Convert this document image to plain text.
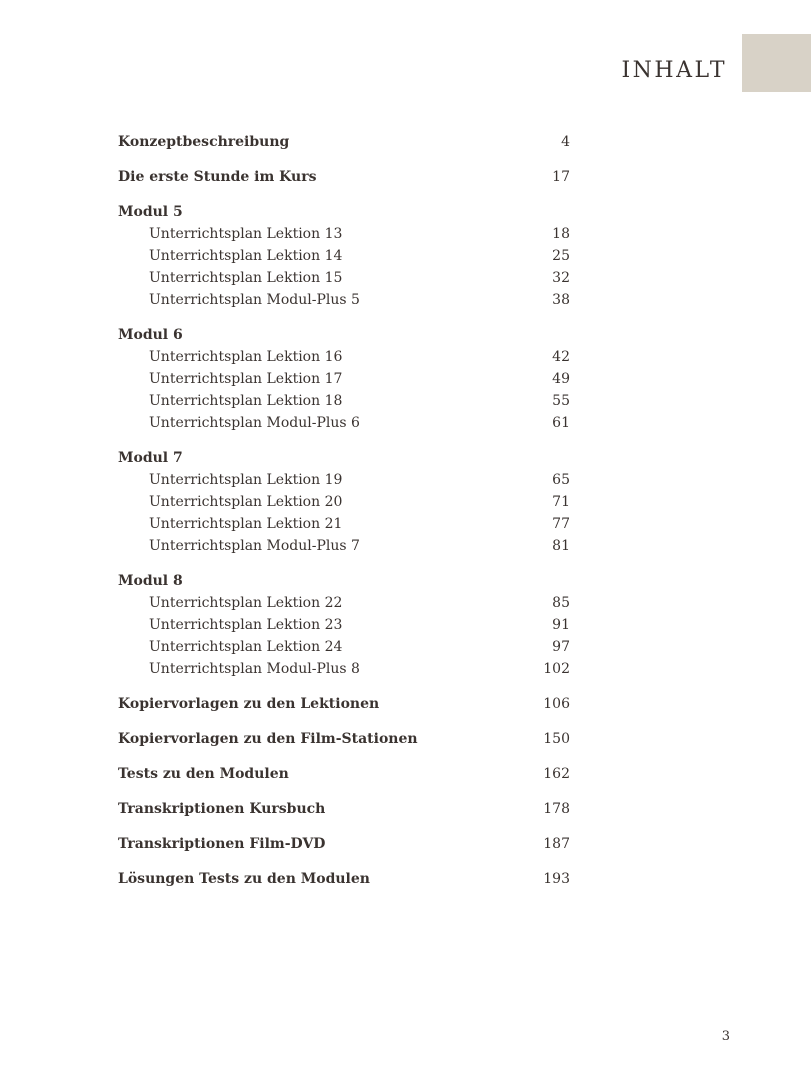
INHALT
Konzeptbeschreibung	4
Die erste Stunde im Kurs	17
Modul 5
Unterrichtsplan Lektion 13	18
Unterrichtsplan Lektion 14	25
Unterrichtsplan Lektion 15	32
Unterrichtsplan Modul-Plus 5	38
Modul 6
Unterrichtsplan Lektion 16	42
Unterrichtsplan Lektion 17	49
Unterrichtsplan Lektion 18	55
Unterrichtsplan Modul-Plus 6	61
Modul 7
Unterrichtsplan Lektion 19	65
Unterrichtsplan Lektion 20	71
Unterrichtsplan Lektion 21	77
Unterrichtsplan Modul-Plus 7	81
Modul 8
Unterrichtsplan Lektion 22	85
Unterrichtsplan Lektion 23	91
Unterrichtsplan Lektion 24	97
Unterrichtsplan Modul-Plus 8	102
Kopiervorlagen zu den Lektionen	106
Kopiervorlagen zu den Film-Stationen	150
Tests zu den Modulen	162
Transkriptionen Kursbuch	178
Transkriptionen Film-DVD	187
Lösungen Tests zu den Modulen	193
3
